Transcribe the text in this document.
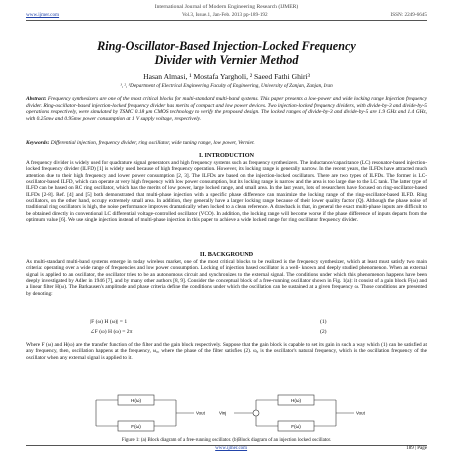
International Journal of Modern Engineering Research (IJMER)
www.ijmer.com	Vol.3, Issue.1, Jan-Feb. 2013 pp-189-192	ISSN: 2249-6645
Ring-Oscillator-Based Injection-Locked Frequency
Divider with Vernier Method
Hasan Almasi, ¹ Mostafa Yargholi, ² Saeed Fathi Ghiri³
¹, ², ³Department of Electrical Engineering Faculty of Engineering, University of Zanjan, Zanjan, Iran
Abstract: Frequency synthesizers are one of the most critical blocks for multi-standard multi-band systems. This paper presents a low-power and wide locking range Injection frequency divider. Ring-oscillator-based injection-locked frequency divider has merits of compact and low power devices. Two injection-locked frequency dividers, with divide-by-3 and divide-by-5 operations respectively, were simulated by TSMC 0.18 μm CMOS technology to verify the proposed design. The locked ranges of divide-by-3 and divide-by-5 are 1.9 GHz and 1.4 GHz, with 0.25mw and 0.95mw power consumption at 1 V supply voltage, respectively.
Keywords: Differential injection, frequency divider, ring oscillator, wide tuning range, low power, Vernier.
I. INTRODUCTION
A frequency divider is widely used for quadrature signal generators and high frequency systems such as frequency synthesizers. The inductance/capacitance (LC) resonator-based injection-locked frequency divider (ILFD) [1] is widely used because of high frequency operation. However, its locking range is generally narrow. In the recent years, the ILFDs have attracted much attention due to their high frequency and lower power consumption [2, 3]. The ILFDs are based on the injection-locked oscillators. There are two types of ILFDs. The former is LC-oscillator-based ILFD, which can operate at very high frequency with low power consumption, but its locking range is narrow and the area is too large due to the LC tank. The latter type of ILFD can be based on RC ring oscillator, which has the merits of low power, large locked range, and small area. In the last years, lots of researchers have focused on ring-oscillator-based ILFDs [2-8]. Ref. [4] and [5] both demonstrated that multi-phase injection with a specific phase difference can maximize the locking range of the ring-oscillator-based ILFD. Ring oscillators, on the other hand, occupy extremely small area. In addition, they generally have a larger locking range because of their lower quality factor (Q). Although the phase noise of traditional ring oscillators is high, the noise performance improves dramatically when locked to a clean reference. A drawback is that, in general the exact multi-phase inputs are difficult to be obtained directly in conventional LC differential voltage-controlled oscillator (VCO). In addition, the locking range will become worse if the phase difference of inputs departs from the optimum value [6]. We use single injection instead of multi-phase injection in this paper to achieve a wide locked range for ring oscillator frequency divider.
II. BACKGROUND
As multi-standard multi-band systems emerge in today wireless market, one of the most critical blocks to be realized is the frequency synthesizer, which at least must satisfy two main criteria: operating over a wide range of frequencies and low power consumption. Locking of injection based oscillator is a well- known and deeply studied phenomenon. When an external signal is applied to an oscillator, the oscillator tries to be an autonomous circuit and synchronizes to the external signal. The conditions under which this phenomenon happens have been deeply investigated by Adler in 1946 [7], and by many other authors [8, 9]. Consider the conceptual block of a free-running oscillator shown in Fig. 1(a): it consist of a gain block F(ω) and a linear filter H(ω). The Barkausen's amplitude and phase criteria define the conditions under which the oscillation can be sustained at a given frequency ω. Those conditions are presented by denoting:
|F (ω) H (ω)| = 1	(1)
∠F (ω) H (ω) = 2π	(2)
Where F (ω) and H(ω) are the transfer function of the filter and the gain block respectively. Suppose that the gain block is capable to set its gain in such a way which (1) can be satisfied at any frequency, then, oscillation happens at the frequency, ω₀, where the phase of the filter satisfies (2). ω₀ is the oscillator's natural frequency, which is the oscillation frequency of the oscillator when any external signal is applied to it.
H(ω)
F(ω)
Vout
H(ω)
F(ω)
Vinj	Vout
Figure 1: (a) Block diagram of a free-running oscillator. (b)Block diagram of an injection locked oscillator.
www.ijmer.com	189 | Page
